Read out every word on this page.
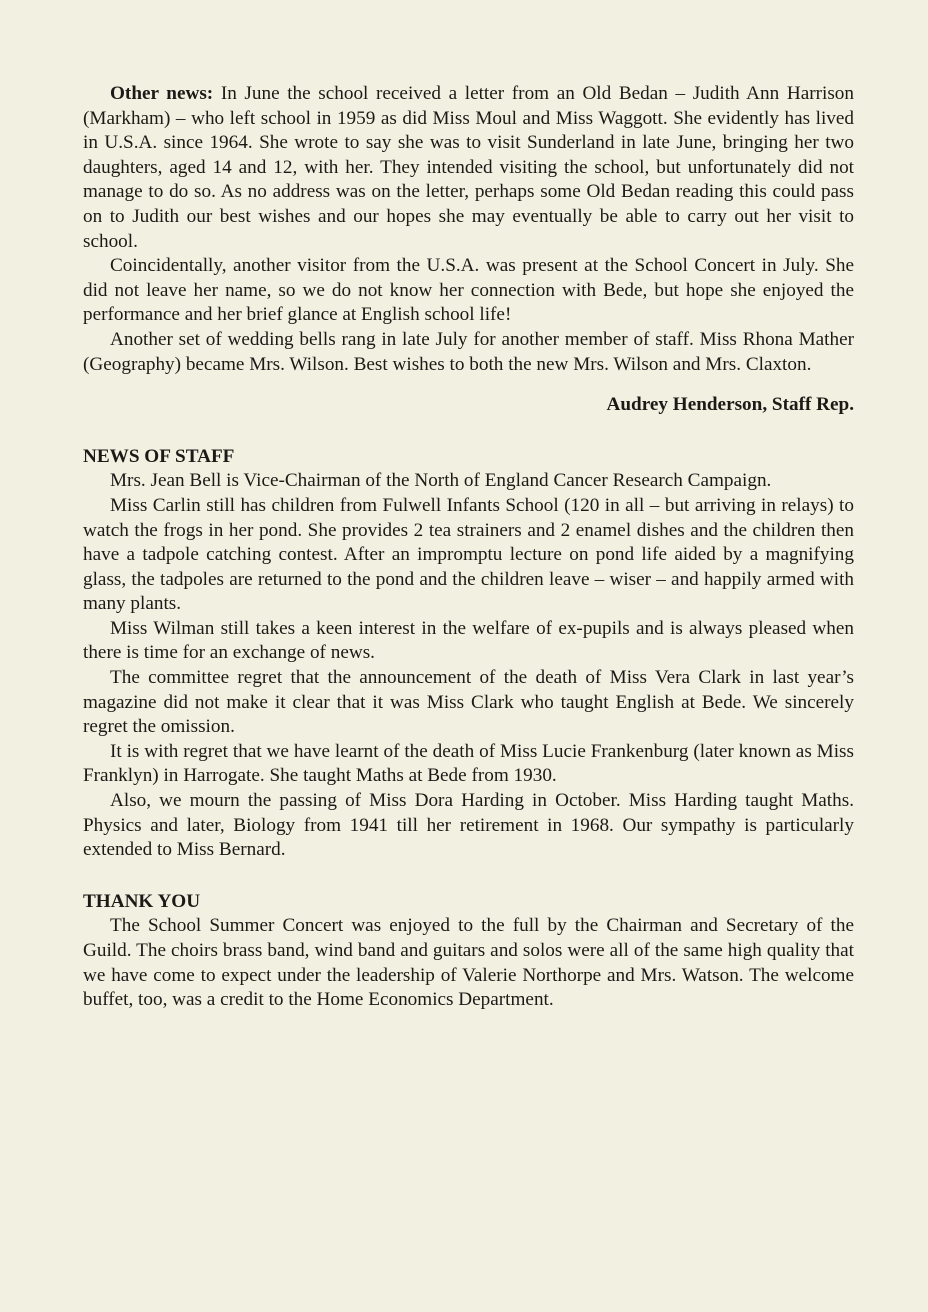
Other news: In June the school received a letter from an Old Bedan – Judith Ann Harrison (Markham) – who left school in 1959 as did Miss Moul and Miss Waggott. She evidently has lived in U.S.A. since 1964. She wrote to say she was to visit Sunderland in late June, bringing her two daughters, aged 14 and 12, with her. They intended visiting the school, but unfortunately did not manage to do so. As no address was on the letter, perhaps some Old Bedan reading this could pass on to Judith our best wishes and our hopes she may eventually be able to carry out her visit to school.

Coincidentally, another visitor from the U.S.A. was present at the School Concert in July. She did not leave her name, so we do not know her connection with Bede, but hope she enjoyed the performance and her brief glance at English school life!

Another set of wedding bells rang in late July for another member of staff. Miss Rhona Mather (Geography) became Mrs. Wilson. Best wishes to both the new Mrs. Wilson and Mrs. Claxton.

Audrey Henderson, Staff Rep.

NEWS OF STAFF

Mrs. Jean Bell is Vice-Chairman of the North of England Cancer Research Campaign.

Miss Carlin still has children from Fulwell Infants School (120 in all – but arriving in relays) to watch the frogs in her pond. She provides 2 tea strainers and 2 enamel dishes and the children then have a tadpole catching contest. After an impromptu lecture on pond life aided by a magnifying glass, the tadpoles are returned to the pond and the children leave – wiser – and happily armed with many plants.

Miss Wilman still takes a keen interest in the welfare of ex-pupils and is always pleased when there is time for an exchange of news.

The committee regret that the announcement of the death of Miss Vera Clark in last year’s magazine did not make it clear that it was Miss Clark who taught English at Bede. We sincerely regret the omission.

It is with regret that we have learnt of the death of Miss Lucie Frankenburg (later known as Miss Franklyn) in Harrogate. She taught Maths at Bede from 1930.

Also, we mourn the passing of Miss Dora Harding in October. Miss Harding taught Maths. Physics and later, Biology from 1941 till her retirement in 1968. Our sympathy is particularly extended to Miss Bernard.

THANK YOU

The School Summer Concert was enjoyed to the full by the Chairman and Secretary of the Guild. The choirs brass band, wind band and guitars and solos were all of the same high quality that we have come to expect under the leadership of Valerie Northorpe and Mrs. Watson. The welcome buffet, too, was a credit to the Home Economics Department.
